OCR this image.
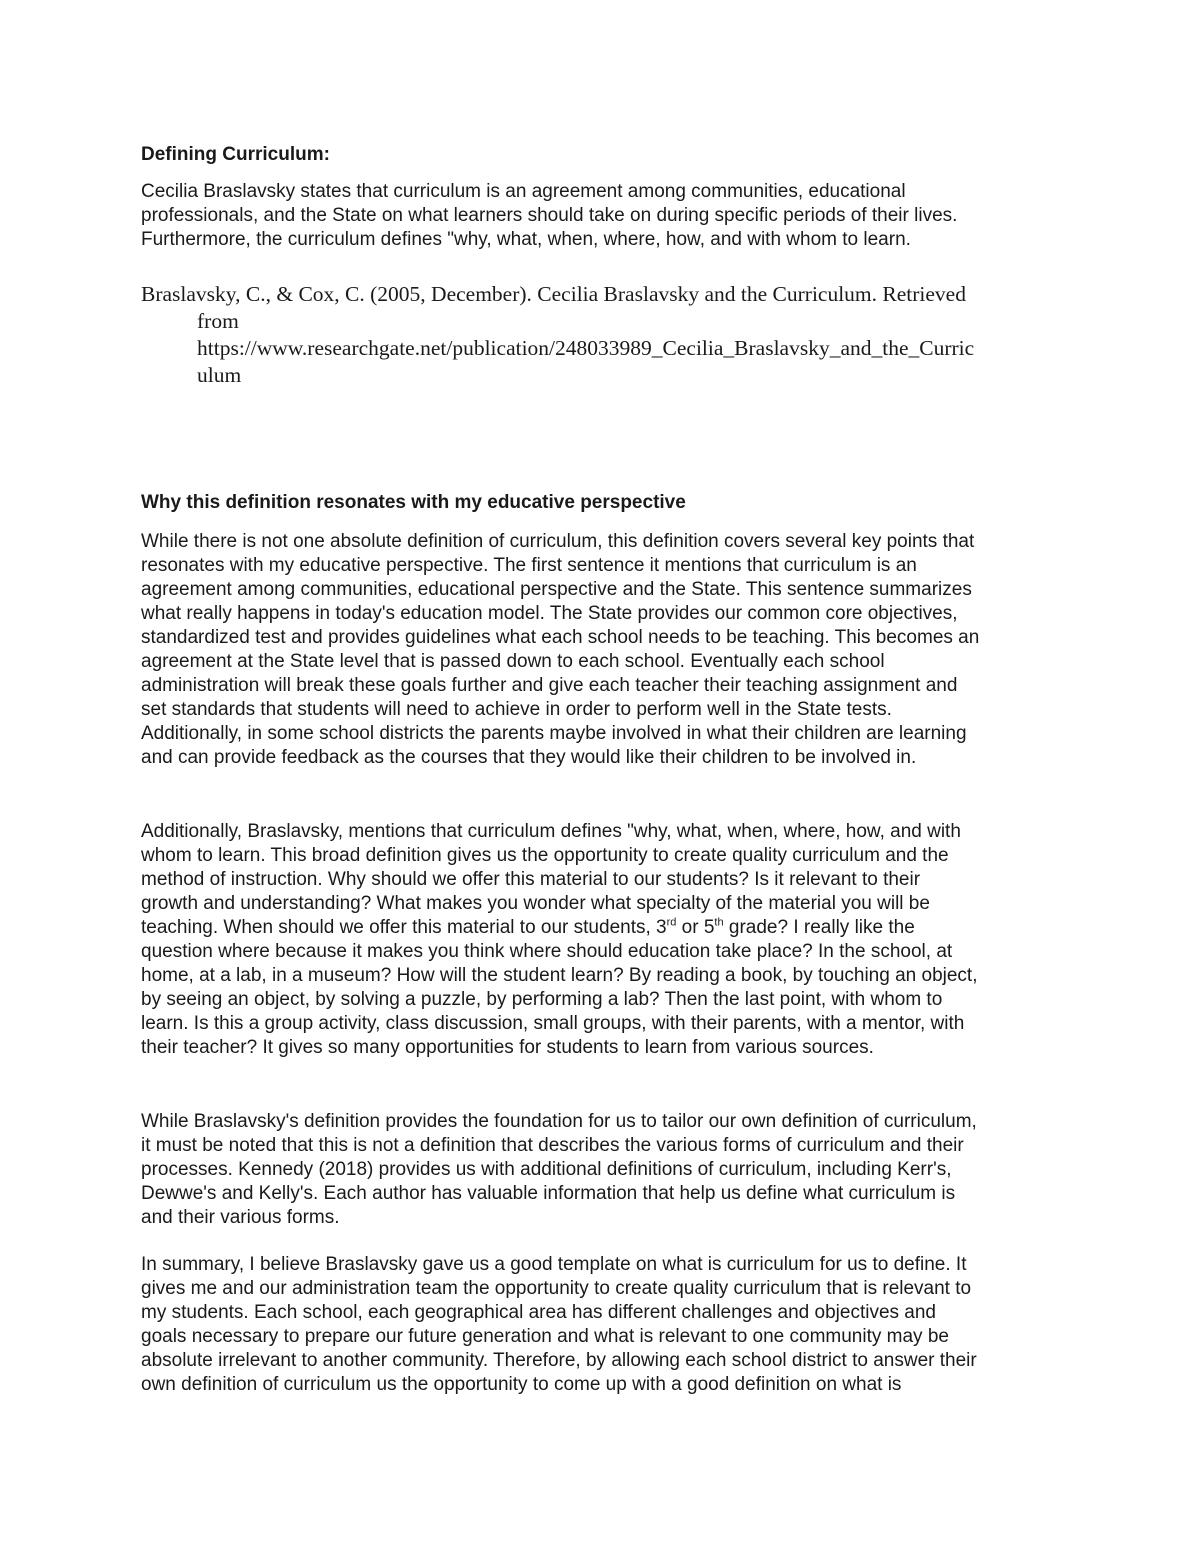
Defining Curriculum:
Cecilia Braslavsky states that curriculum is an agreement among communities, educational
professionals, and the State on what learners should take on during specific periods of their lives.
Furthermore, the curriculum defines "why, what, when, where, how, and with whom to learn.
Braslavsky, C., & Cox, C. (2005, December). Cecilia Braslavsky and the Curriculum. Retrieved
from
https://www.researchgate.net/publication/248033989_Cecilia_Braslavsky_and_the_Curric
ulum
Why this definition resonates with my educative perspective
While there is not one absolute definition of curriculum, this definition covers several key points that
resonates with my educative perspective. The first sentence it mentions that curriculum is an
agreement among communities, educational perspective and the State. This sentence summarizes
what really happens in today's education model. The State provides our common core objectives,
standardized test and provides guidelines what each school needs to be teaching. This becomes an
agreement at the State level that is passed down to each school. Eventually each school
administration will break these goals further and give each teacher their teaching assignment and
set standards that students will need to achieve in order to perform well in the State tests.
Additionally, in some school districts the parents maybe involved in what their children are learning
and can provide feedback as the courses that they would like their children to be involved in.
Additionally, Braslavsky, mentions that curriculum defines "why, what, when, where, how, and with
whom to learn. This broad definition gives us the opportunity to create quality curriculum and the
method of instruction. Why should we offer this material to our students? Is it relevant to their
growth and understanding? What makes you wonder what specialty of the material you will be
teaching. When should we offer this material to our students, 3rd or 5th grade? I really like the
question where because it makes you think where should education take place? In the school, at
home, at a lab, in a museum? How will the student learn? By reading a book, by touching an object,
by seeing an object, by solving a puzzle, by performing a lab? Then the last point, with whom to
learn. Is this a group activity, class discussion, small groups, with their parents, with a mentor, with
their teacher? It gives so many opportunities for students to learn from various sources.
While Braslavsky's definition provides the foundation for us to tailor our own definition of curriculum,
it must be noted that this is not a definition that describes the various forms of curriculum and their
processes. Kennedy (2018) provides us with additional definitions of curriculum, including Kerr's,
Dewwe's and Kelly's. Each author has valuable information that help us define what curriculum is
and their various forms.
In summary, I believe Braslavsky gave us a good template on what is curriculum for us to define. It
gives me and our administration team the opportunity to create quality curriculum that is relevant to
my students. Each school, each geographical area has different challenges and objectives and
goals necessary to prepare our future generation and what is relevant to one community may be
absolute irrelevant to another community. Therefore, by allowing each school district to answer their
own definition of curriculum us the opportunity to come up with a good definition on what is
